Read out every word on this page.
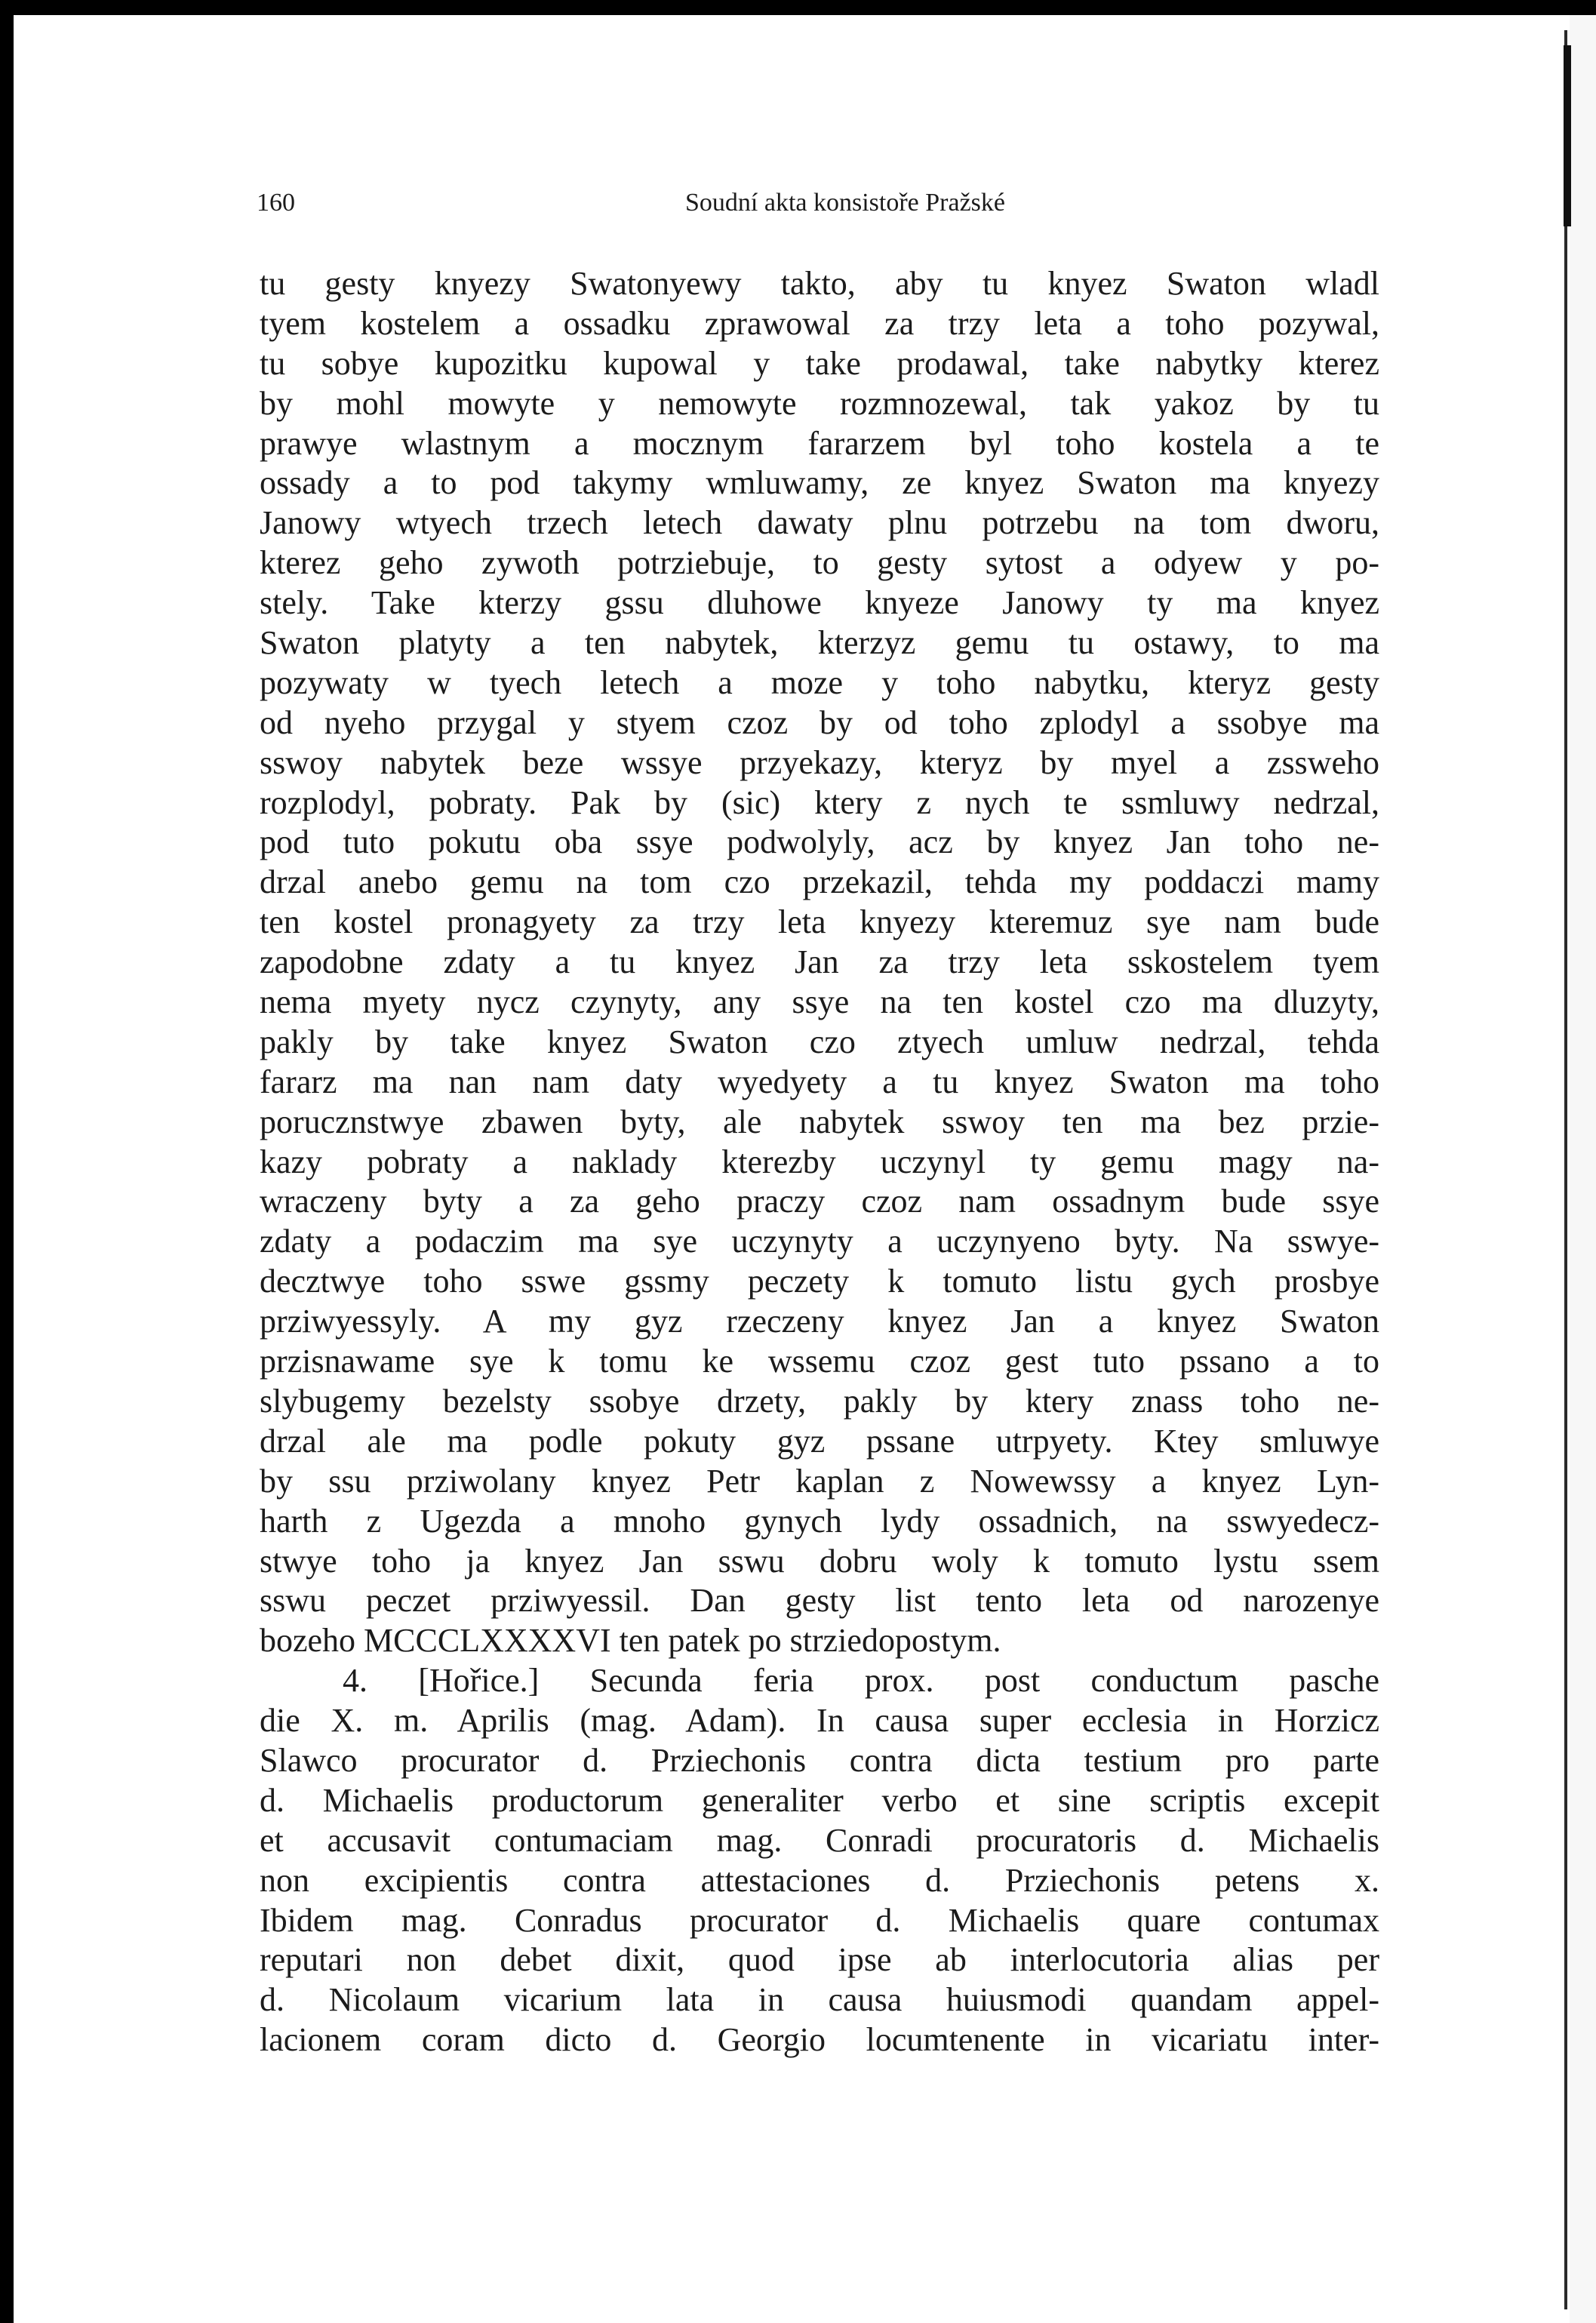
160	Soudní akta konsistoře Pražské
tu gesty knyezy Swatonyewy takto, aby tu knyez Swaton wladl
tyem kostelem a ossadku zprawowal za trzy leta a toho pozywal,
tu sobye kupozitku kupowal y take prodawal, take nabytky kterez
by mohl mowyte y nemowyte rozmnozewal, tak yakoz by tu
prawye wlastnym a mocznym fararzem byl toho kostela a te
ossady a to pod takymy wmluwamy, ze knyez Swaton ma knyezy
Janowy wtyech trzech letech dawaty plnu potrzebu na tom dworu,
kterez geho zywoth potrziebuje, to gesty sytost a odyew y po-
stely. Take kterzy gssu dluhowe knyeze Janowy ty ma knyez
Swaton platyty a ten nabytek, kterzyz gemu tu ostawy, to ma
pozywaty w tyech letech a moze y toho nabytku, kteryz gesty
od nyeho przygal y styem czoz by od toho zplodyl a ssobye ma
sswoy nabytek beze wssye przyekazy, kteryz by myel a zssweho
rozplodyl, pobraty. Pak by (sic) ktery z nych te ssmluwy nedrzal,
pod tuto pokutu oba ssye podwolyly, acz by knyez Jan toho ne-
drzal anebo gemu na tom czo przekazil, tehda my poddaczi mamy
ten kostel pronagyety za trzy leta knyezy kteremuz sye nam bude
zapodobne zdaty a tu knyez Jan za trzy leta sskostelem tyem
nema myety nycz czynyty, any ssye na ten kostel czo ma dluzyty,
pakly by take knyez Swaton czo ztyech umluw nedrzal, tehda
fararz ma nan nam daty wyedyety a tu knyez Swaton ma toho
porucznstwye zbawen byty, ale nabytek sswoy ten ma bez przie-
kazy pobraty a naklady kterezby uczynyl ty gemu magy na-
wraczeny byty a za geho praczy czoz nam ossadnym bude ssye
zdaty a podaczim ma sye uczynyty a uczynyeno byty. Na sswye-
decztwye toho sswe gssmy peczety k tomuto listu gych prosbye
prziwyessyly. A my gyz rzeczeny knyez Jan a knyez Swaton
przisnawame sye k tomu ke wssemu czoz gest tuto pssano a to
slybugemy bezelsty ssobye drzety, pakly by ktery znass toho ne-
drzal ale ma podle pokuty gyz pssane utrpyety. Ktey smluwye
by ssu prziwolany knyez Petr kaplan z Nowewssy a knyez Lyn-
harth z Ugezda a mnoho gynych lydy ossadnich, na sswyedecz-
stwye toho ja knyez Jan sswu dobru woly k tomuto lystu ssem
sswu peczet prziwyessil. Dan gesty list tento leta od narozenye
bozeho MCCCLXXXXVI ten patek po strziedopostym.
4. [Hořice.] Secunda feria prox. post conductum pasche
die X. m. Aprilis (mag. Adam). In causa super ecclesia in Horzicz
Slawco procurator d. Prziechonis contra dicta testium pro parte
d. Michaelis productorum generaliter verbo et sine scriptis excepit
et accusavit contumaciam mag. Conradi procuratoris d. Michaelis
non excipientis contra attestaciones d. Prziechonis petens x.
Ibidem mag. Conradus procurator d. Michaelis quare contumax
reputari non debet dixit, quod ipse ab interlocutoria alias per
d. Nicolaum vicarium lata in causa huiusmodi quandam appel-
lacionem coram dicto d. Georgio locumtenente in vicariatu inter-
